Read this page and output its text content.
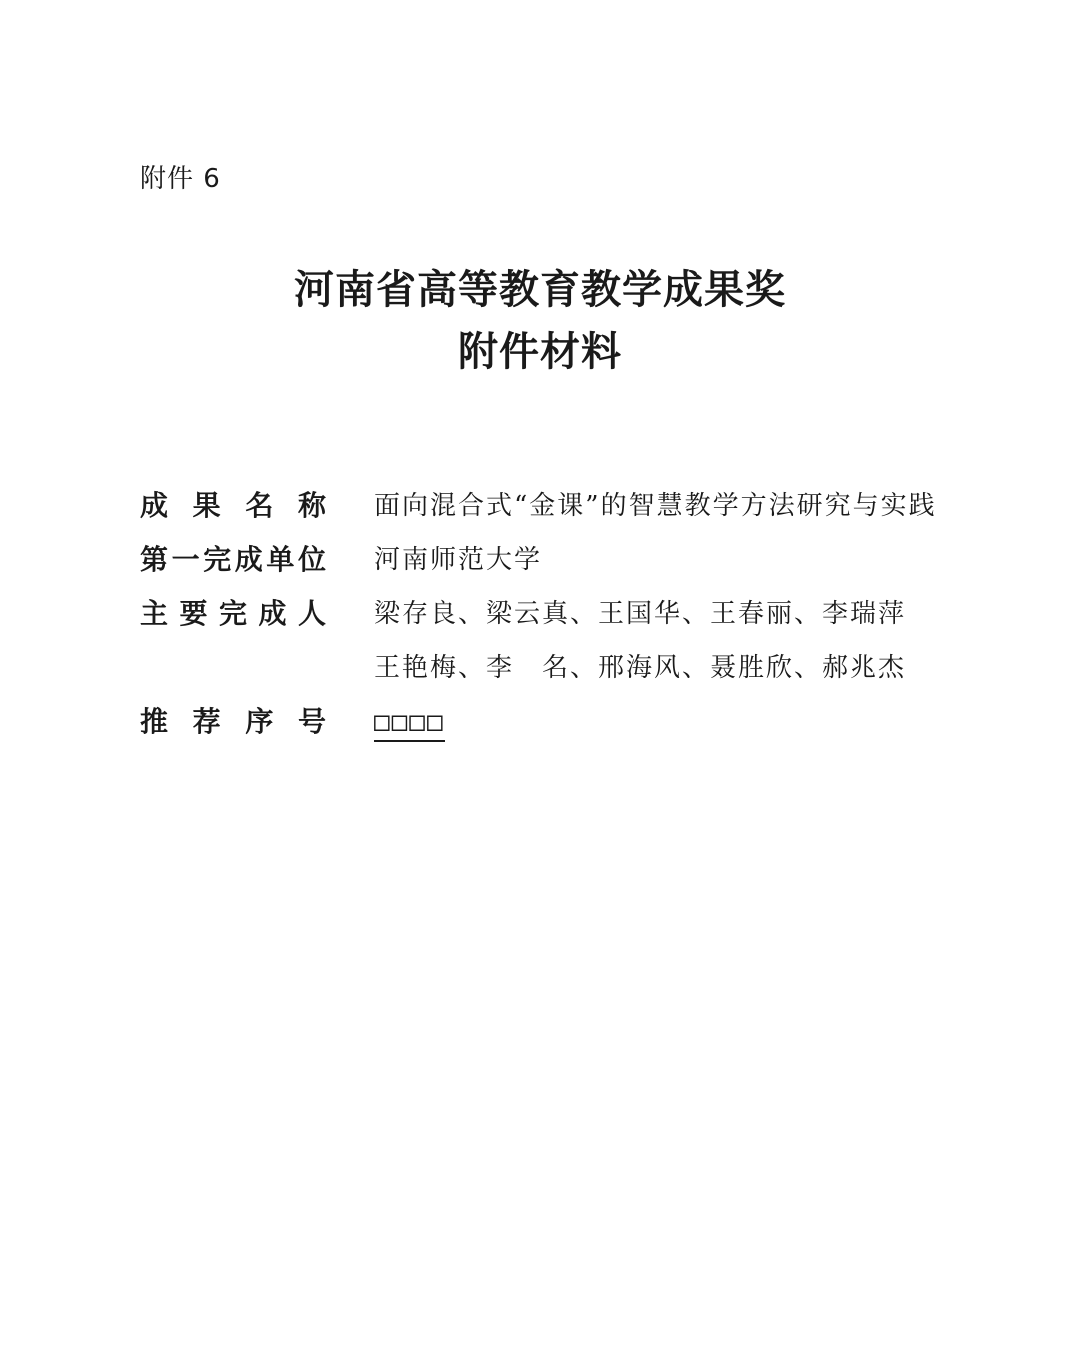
附件 6
河南省高等教育教学成果奖
附件材料
成 果 名 称 面向混合式“金课”的智慧教学方法研究与实践
第 一 完 成 单 位 河南师范大学
主 要 完 成 人 梁存良、梁云真、王国华、王春丽、李瑞萍
王艳梅、李　名、邢海风、聂胜欣、郝兆杰
推 荐 序 号 □□□□
